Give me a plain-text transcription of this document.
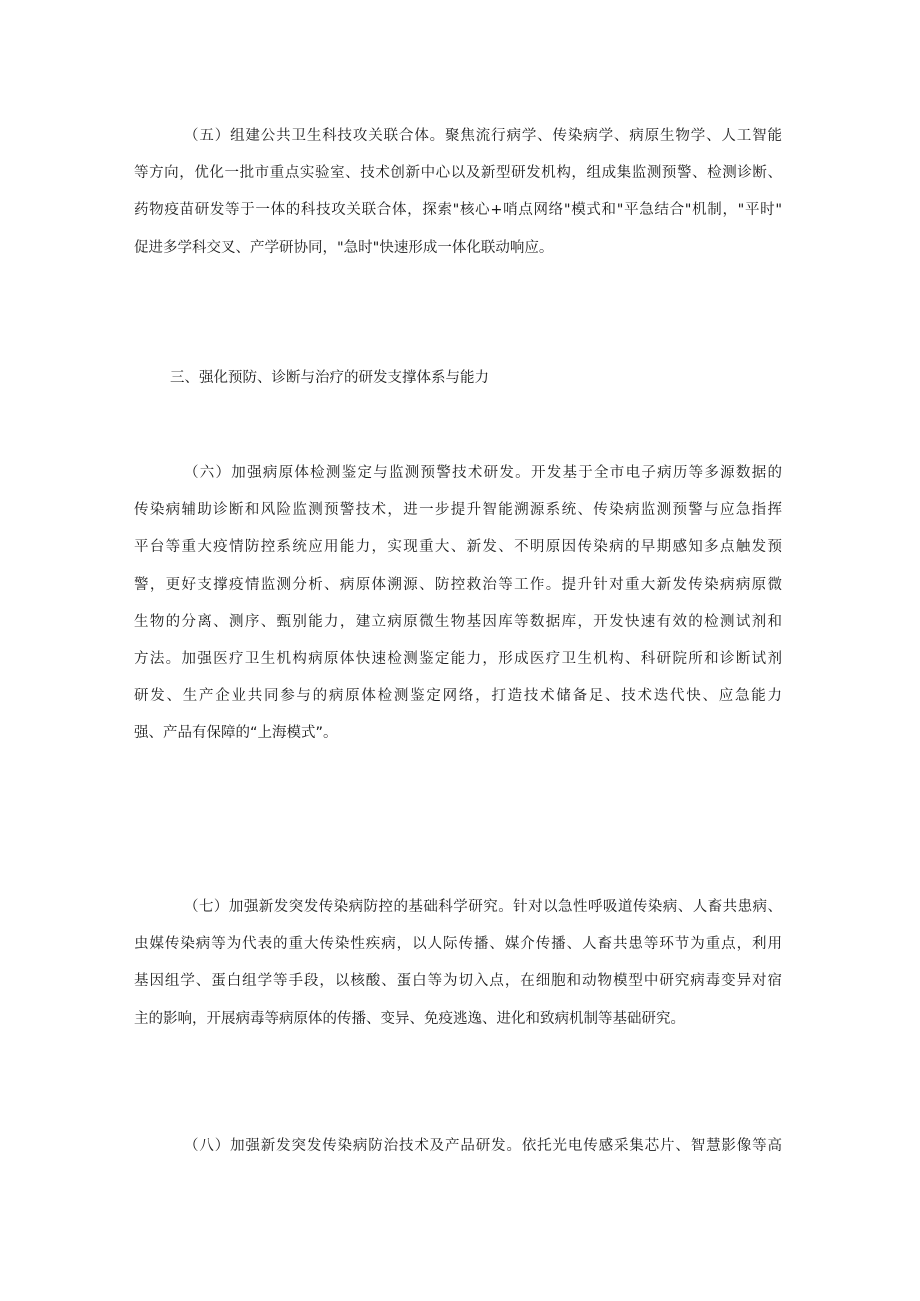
（五）组建公共卫生科技攻关联合体。聚焦流行病学、传染病学、病原生物学、人工智能
等方向，优化一批市重点实验室、技术创新中心以及新型研发机构，组成集监测预警、检测诊断、
药物疫苗研发等于一体的科技攻关联合体，探索"核心+哨点网络"模式和"平急结合"机制，"平时"
促进多学科交叉、产学研协同，"急时"快速形成一体化联动响应。

三、强化预防、诊断与治疗的研发支撑体系与能力

（六）加强病原体检测鉴定与监测预警技术研发。开发基于全市电子病历等多源数据的
传染病辅助诊断和风险监测预警技术，进一步提升智能溯源系统、传染病监测预警与应急指挥
平台等重大疫情防控系统应用能力，实现重大、新发、不明原因传染病的早期感知多点触发预
警，更好支撑疫情监测分析、病原体溯源、防控救治等工作。提升针对重大新发传染病病原微
生物的分离、测序、甄别能力，建立病原微生物基因库等数据库，开发快速有效的检测试剂和
方法。加强医疗卫生机构病原体快速检测鉴定能力，形成医疗卫生机构、科研院所和诊断试剂
研发、生产企业共同参与的病原体检测鉴定网络，打造技术储备足、技术迭代快、应急能力
强、产品有保障的“上海模式”。

（七）加强新发突发传染病防控的基础科学研究。针对以急性呼吸道传染病、人畜共患病、
虫媒传染病等为代表的重大传染性疾病，以人际传播、媒介传播、人畜共患等环节为重点，利用
基因组学、蛋白组学等手段，以核酸、蛋白等为切入点，在细胞和动物模型中研究病毒变异对宿
主的影响，开展病毒等病原体的传播、变异、免疫逃逸、进化和致病机制等基础研究。

（八）加强新发突发传染病防治技术及产品研发。依托光电传感采集芯片、智慧影像等高
